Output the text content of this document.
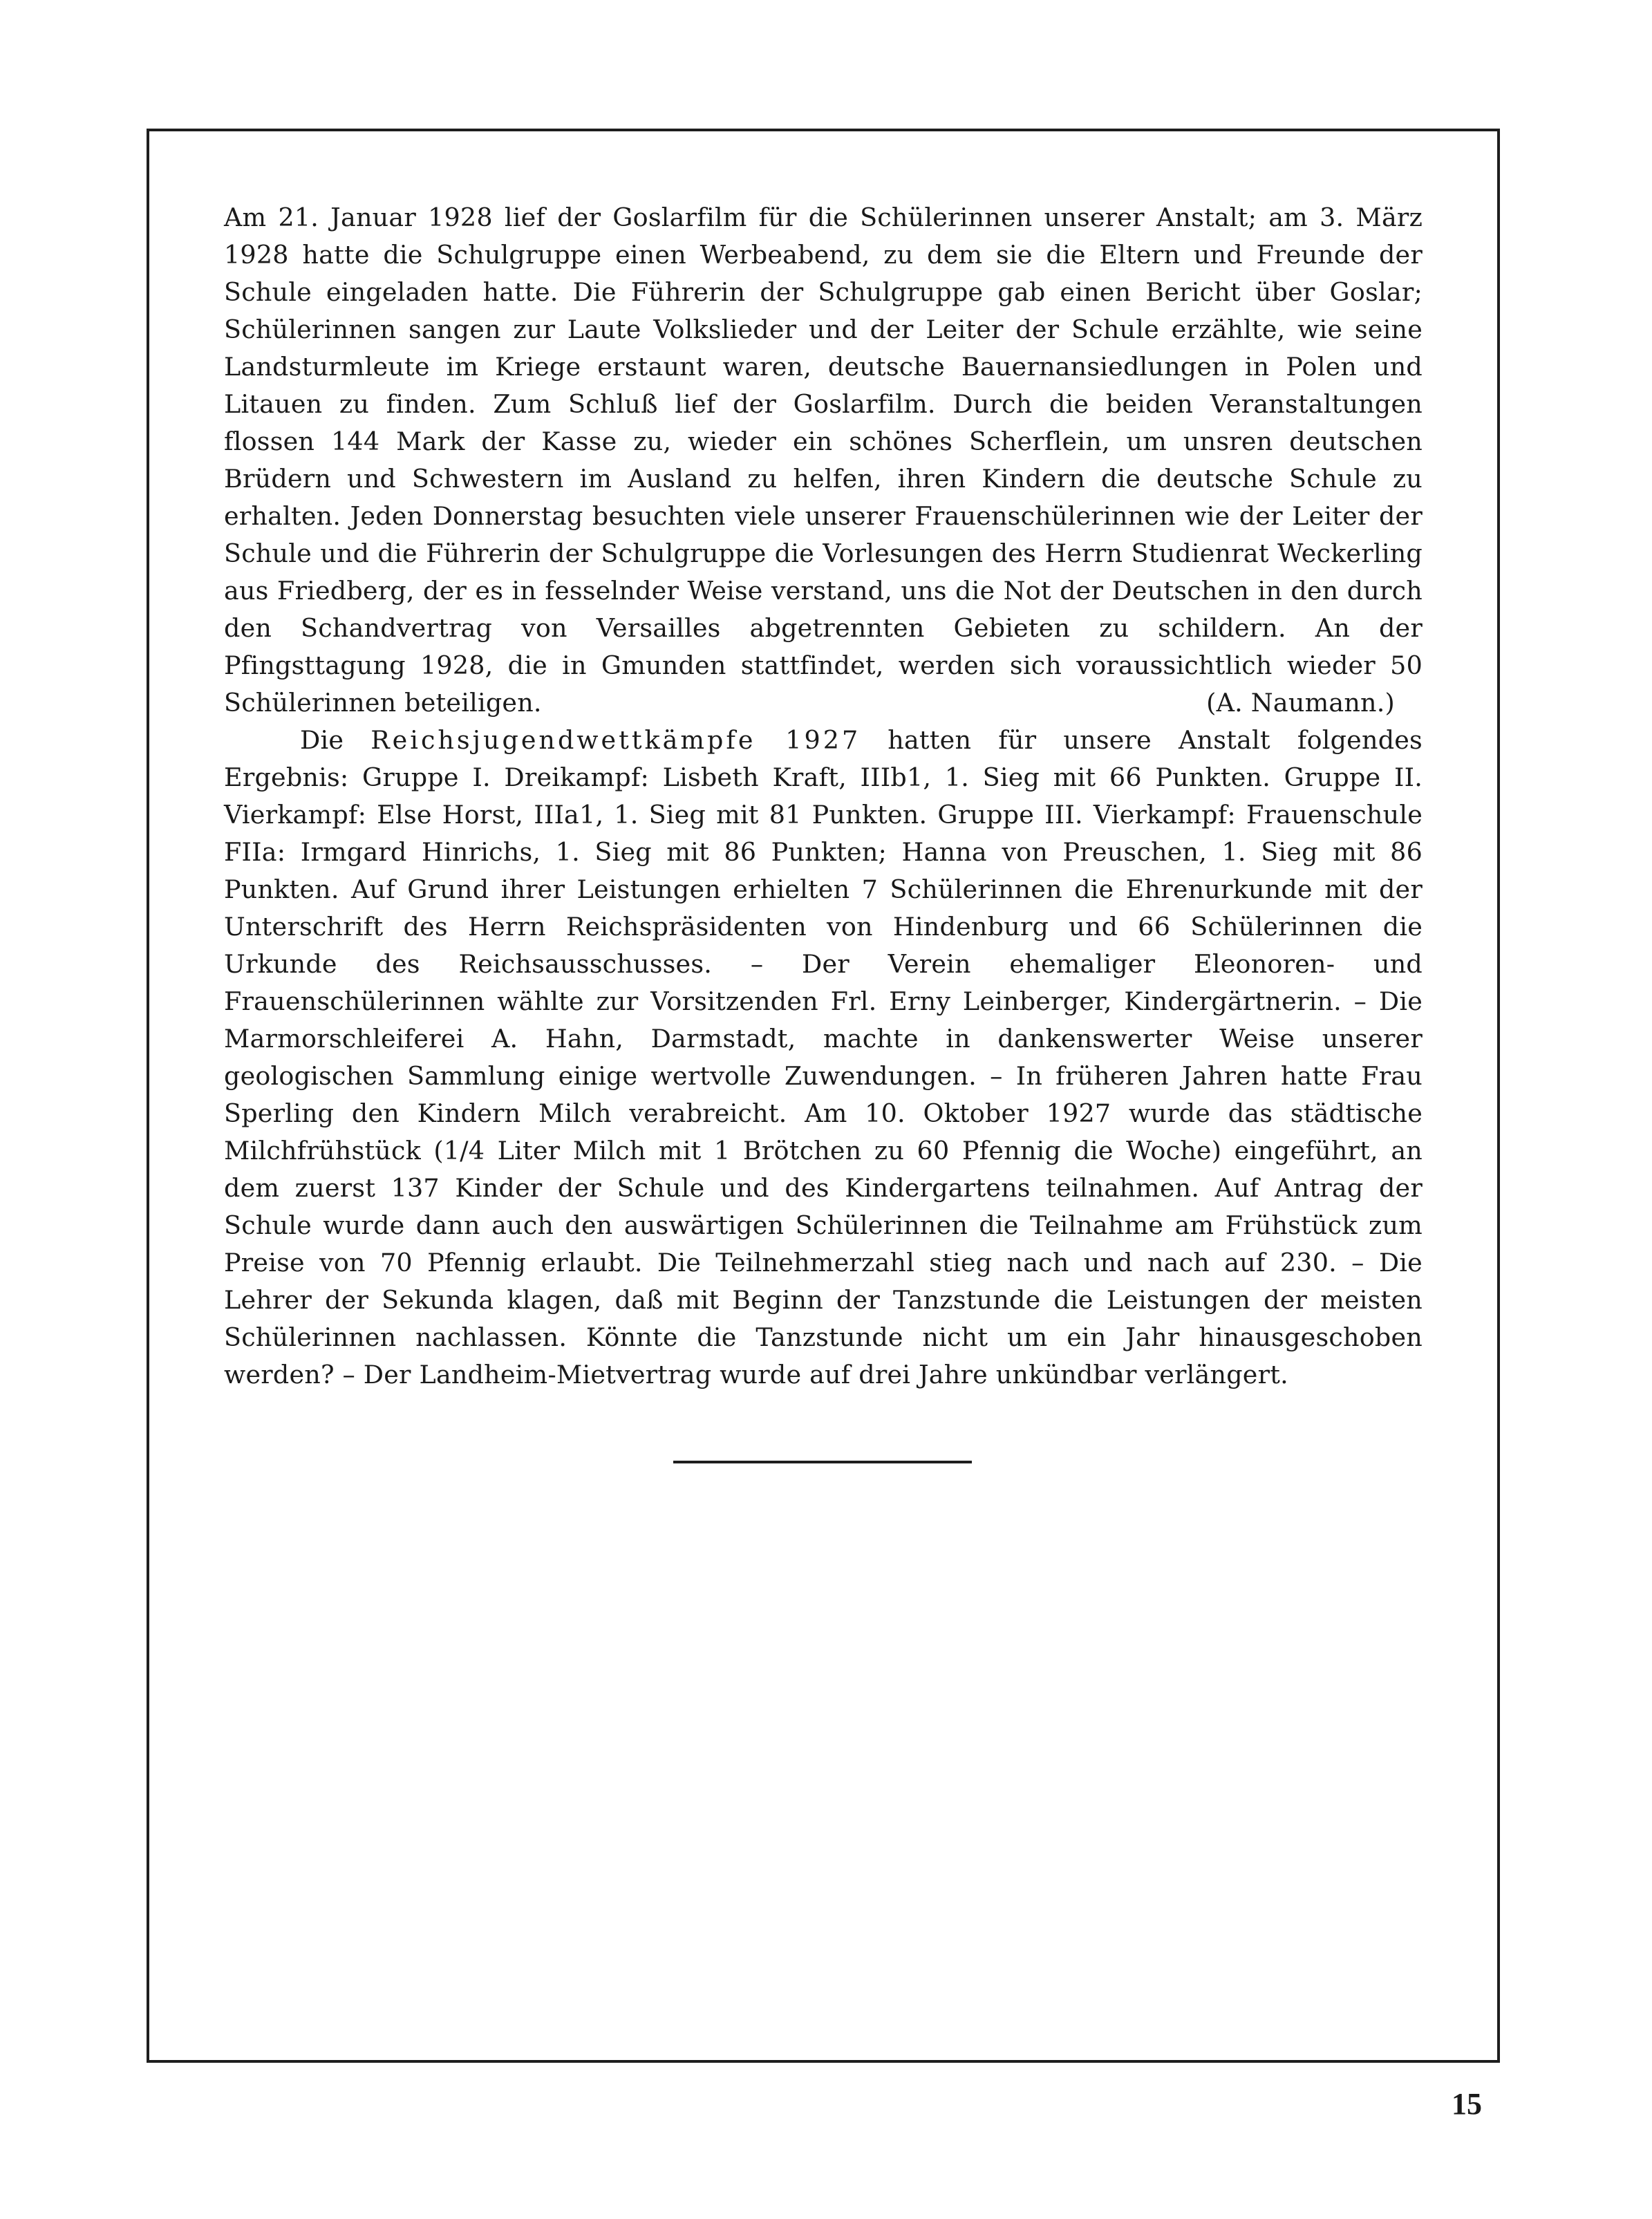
Am 21. Januar 1928 lief der Goslarfilm für die Schülerinnen unserer Anstalt; am 3. März 1928 hatte die Schulgruppe einen Werbeabend, zu dem sie die Eltern und Freunde der Schule eingeladen hatte. Die Führerin der Schulgruppe gab einen Bericht über Goslar; Schülerinnen sangen zur Laute Volkslieder und der Leiter der Schule erzählte, wie seine Landsturmleute im Kriege erstaunt waren, deutsche Bauernansiedlungen in Polen und Litauen zu finden. Zum Schluß lief der Goslarfilm. Durch die beiden Veranstaltungen flossen 144 Mark der Kasse zu, wieder ein schönes Scherflein, um unsren deutschen Brüdern und Schwestern im Ausland zu helfen, ihren Kindern die deutsche Schule zu erhalten. Jeden Donnerstag besuchten viele unserer Frauenschülerinnen wie der Leiter der Schule und die Führerin der Schulgruppe die Vorlesungen des Herrn Studienrat Weckerling aus Friedberg, der es in fesselnder Weise verstand, uns die Not der Deutschen in den durch den Schandvertrag von Versailles abgetrennten Gebieten zu schildern. An der Pfingsttagung 1928, die in Gmunden stattfindet, werden sich voraussichtlich wieder 50 Schülerinnen beteiligen.	(A. Naumann.)

Die Reichsjugendwettkämpfe 1927 hatten für unsere Anstalt folgendes Ergebnis: Gruppe I. Dreikampf: Lisbeth Kraft, IIIb1, 1. Sieg mit 66 Punkten. Gruppe II. Vierkampf: Else Horst, IIIa1, 1. Sieg mit 81 Punkten. Gruppe III. Vierkampf: Frauenschule FIIa: Irmgard Hinrichs, 1. Sieg mit 86 Punkten; Hanna von Preuschen, 1. Sieg mit 86 Punkten. Auf Grund ihrer Leistungen erhielten 7 Schülerinnen die Ehrenurkunde mit der Unterschrift des Herrn Reichspräsidenten von Hindenburg und 66 Schülerinnen die Urkunde des Reichsausschusses. – Der Verein ehemaliger Eleonoren- und Frauenschülerinnen wählte zur Vorsitzenden Frl. Erny Leinberger, Kindergärtnerin. – Die Marmorschleiferei A. Hahn, Darmstadt, machte in dankenswerter Weise unserer geologischen Sammlung einige wertvolle Zuwendungen. – In früheren Jahren hatte Frau Sperling den Kindern Milch verabreicht. Am 10. Oktober 1927 wurde das städtische Milchfrühstück (1/4 Liter Milch mit 1 Brötchen zu 60 Pfennig die Woche) eingeführt, an dem zuerst 137 Kinder der Schule und des Kindergartens teilnahmen. Auf Antrag der Schule wurde dann auch den auswärtigen Schülerinnen die Teilnahme am Frühstück zum Preise von 70 Pfennig erlaubt. Die Teilnehmerzahl stieg nach und nach auf 230. – Die Lehrer der Sekunda klagen, daß mit Beginn der Tanzstunde die Leistungen der meisten Schülerinnen nachlassen. Könnte die Tanzstunde nicht um ein Jahr hinausgeschoben werden? – Der Landheim-Mietvertrag wurde auf drei Jahre unkündbar verlängert.

15
